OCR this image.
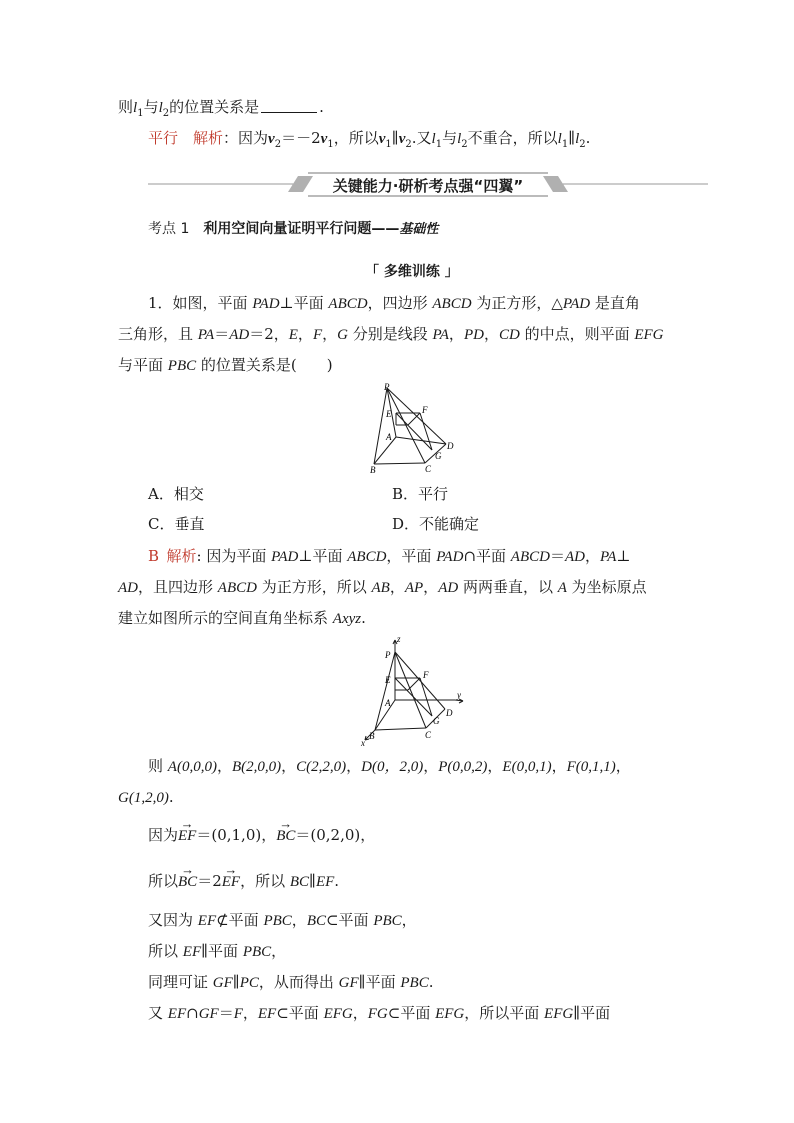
则$l_1$与$l_2$的位置关系是	.
平行  解析：因为$v_2=-2v_1$，所以$v_1\parallel v_2$.又$l_1$与$l_2$不重合，所以$l_1\parallel l_2$.
关键能力·研析考点强“四翼”
考点 1  利用空间向量证明平行问题——基础性
「 多维训练 」
1．如图，平面 PAD⊥平面 ABCD，四边形 ABCD 为正方形，△PAD 是直角
三角形，且 PA＝AD＝2，E，F，G 分别是线段 PA，PD，CD 的中点，则平面 EFG
与平面 PBC 的位置关系是(　　)
P
E	F
A
B	C
D
G
A．相交	B．平行
C．垂直	D．不能确定
B  解析: 因为平面 PAD⊥平面 ABCD，平面 PAD∩平面 ABCD＝AD，PA⊥
AD，且四边形 ABCD 为正方形，所以 AB，AP，AD 两两垂直，以 A 为坐标原点
建立如图所示的空间直角坐标系 Axyz.
z
y
x
P
E	F
A
B	C
D
G
则 A(0,0,0)，B(2,0,0)，C(2,2,0)，D(0，2,0)，P(0,0,2)，E(0,0,1)，F(0,1,1)，
G(1,2,0).
因为→ EF＝(0,1,0)，→ BC＝(0,2,0)，
所以→ BC＝2→ EF，所以 BC∥EF.
又因为 EF⊄平面 PBC，BC⊂平面 PBC，
所以 EF∥平面 PBC，
同理可证 GF∥PC，从而得出 GF∥平面 PBC.
又 EF∩GF＝F，EF⊂平面 EFG，FG⊂平面 EFG，所以平面 EFG∥平面
